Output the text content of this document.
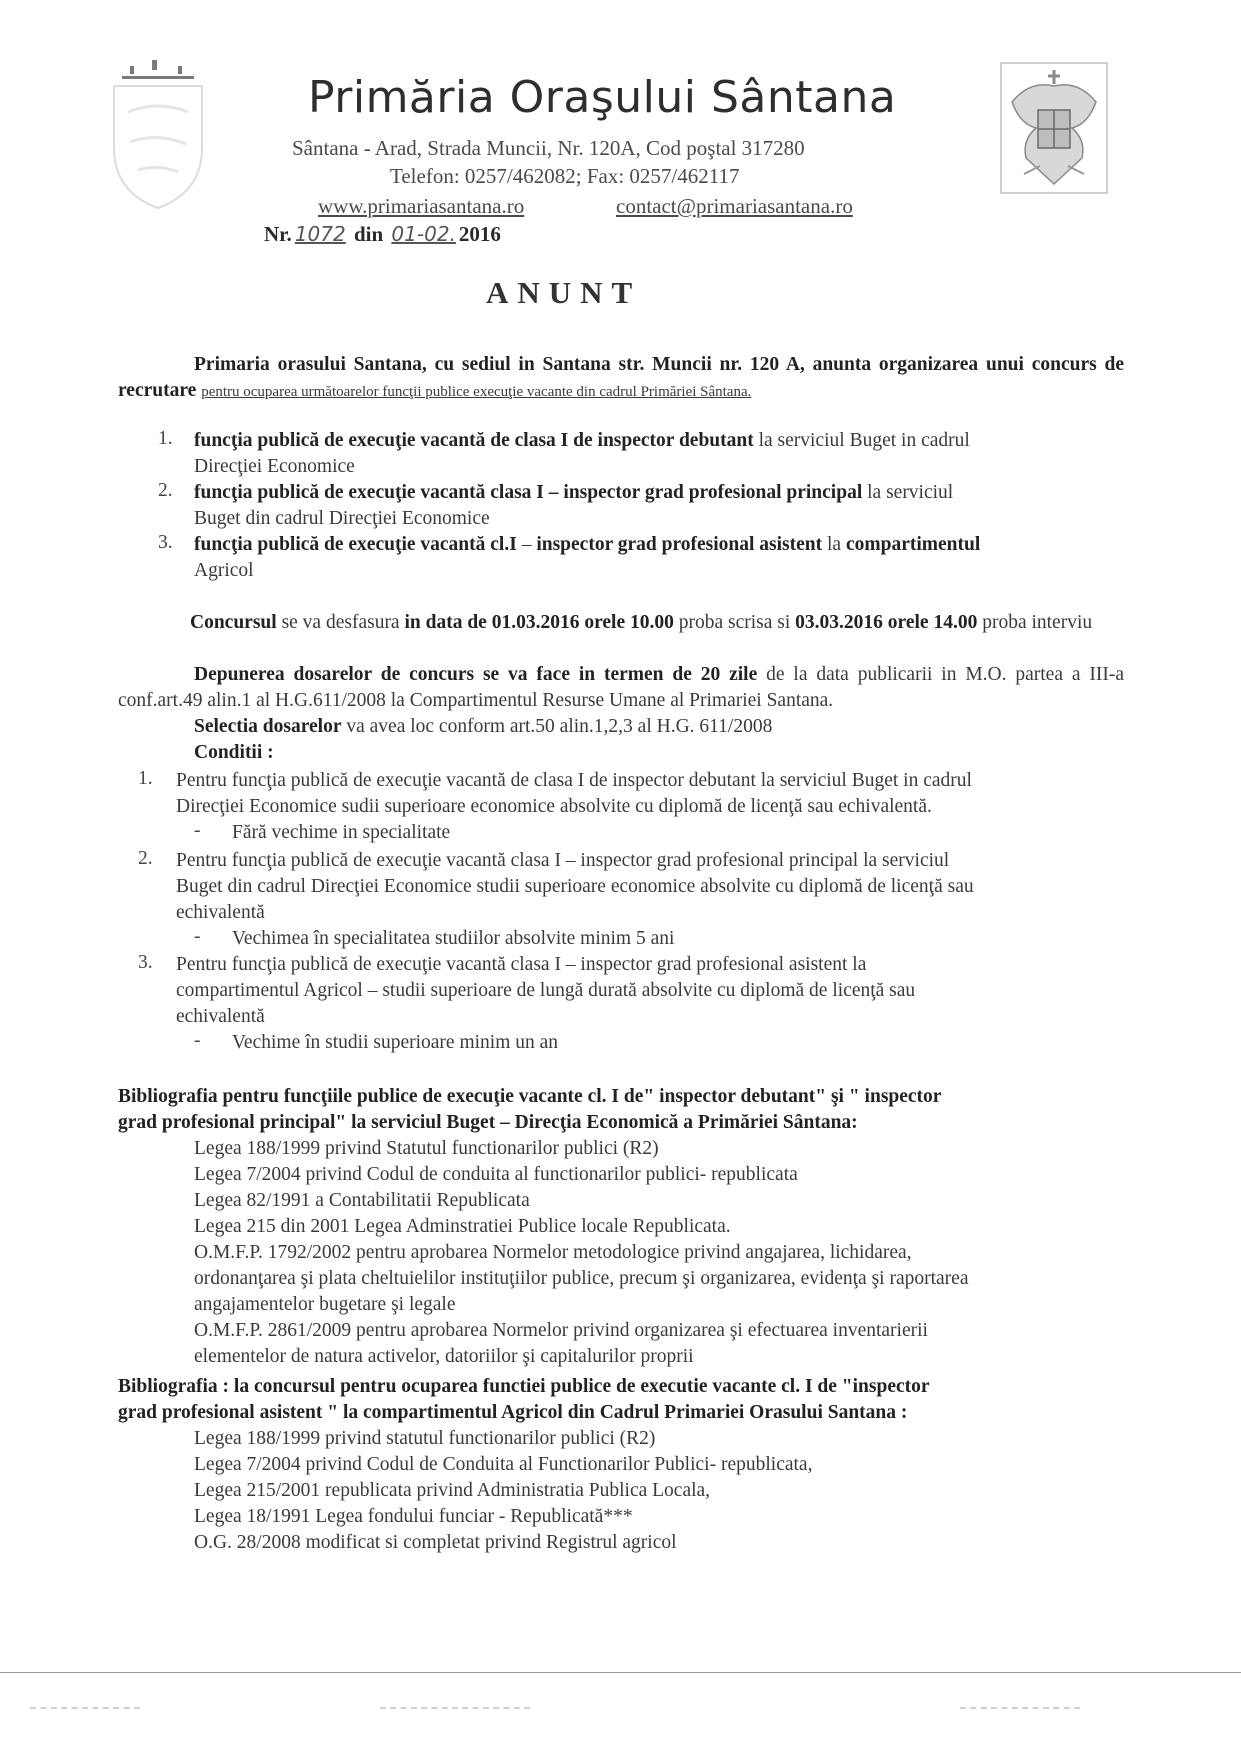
Primăria Oraşului Sântana
Sântana - Arad, Strada Muncii, Nr. 120A, Cod poştal 317280
Telefon: 0257/462082; Fax: 0257/462117
www.primariasantana.ro	contact@primariasantana.ro
Nr. 1072 din 01-02. 2016
ANUNT
Primaria orasului Santana, cu sediul in Santana str. Muncii nr. 120 A, anunta organizarea unui concurs de recrutare pentru ocuparea următoarelor funcţii publice execuţie vacante din cadrul Primăriei Sântana.
1. funcţia publică de execuţie vacantă de clasa I de inspector debutant la serviciul Buget in cadrul
Direcţiei Economice
2. funcţia publică de execuţie vacantă clasa I – inspector grad profesional principal la serviciul
Buget din cadrul Direcţiei Economice
3. funcţia publică de execuţie vacantă cl.I – inspector grad profesional asistent la compartimentul
Agricol
Concursul se va desfasura in data de 01.03.2016 orele 10.00 proba scrisa si 03.03.2016 orele 14.00 proba interviu
Depunerea dosarelor de concurs se va face in termen de 20 zile de la data publicarii in M.O. partea a III-a conf.art.49 alin.1 al H.G.611/2008 la Compartimentul Resurse Umane al Primariei Santana.
Selectia dosarelor va avea loc conform art.50 alin.1,2,3 al H.G. 611/2008
Conditii :
1. Pentru funcţia publică de execuţie vacantă de clasa I de inspector debutant la serviciul Buget in cadrul
Direcţiei Economice sudii superioare economice absolvite cu diplomă de licenţă sau echivalentă.
- Fără vechime in specialitate
2. Pentru funcţia publică de execuţie vacantă clasa I – inspector grad profesional principal la serviciul
Buget din cadrul Direcţiei Economice studii superioare economice absolvite cu diplomă de licenţă sau
echivalentă
- Vechimea în specialitatea studiilor absolvite minim 5 ani
3. Pentru funcţia publică de execuţie vacantă clasa I – inspector grad profesional asistent la
compartimentul Agricol – studii superioare de lungă durată absolvite cu diplomă de licenţă sau
echivalentă
- Vechime în studii superioare minim un an
Bibliografia pentru funcţiile publice de execuţie vacante cl. I de" inspector debutant" şi " inspector
grad profesional principal" la serviciul Buget – Direcţia Economică a Primăriei Sântana:
Legea 188/1999 privind Statutul functionarilor publici (R2)
Legea 7/2004 privind Codul de conduita al functionarilor publici- republicata
Legea 82/1991 a Contabilitatii Republicata
Legea 215 din 2001 Legea Adminstratiei Publice locale Republicata.
O.M.F.P. 1792/2002 pentru aprobarea Normelor metodologice privind angajarea, lichidarea,
ordonanţarea şi plata cheltuielilor instituţiilor publice, precum şi organizarea, evidenţa şi raportarea
angajamentelor bugetare şi legale
O.M.F.P. 2861/2009 pentru aprobarea Normelor privind organizarea şi efectuarea inventarierii
elementelor de natura activelor, datoriilor şi capitalurilor proprii
Bibliografia : la concursul pentru ocuparea functiei publice de executie vacante cl. I de "inspector
grad profesional asistent " la compartimentul Agricol din Cadrul Primariei Orasului Santana :
Legea 188/1999 privind statutul functionarilor publici (R2)
Legea 7/2004 privind Codul de Conduita al Functionarilor Publici- republicata,
Legea 215/2001 republicata privind Administratia Publica Locala,
Legea 18/1991 Legea fondului funciar - Republicată***
O.G. 28/2008 modificat si completat privind Registrul agricol
